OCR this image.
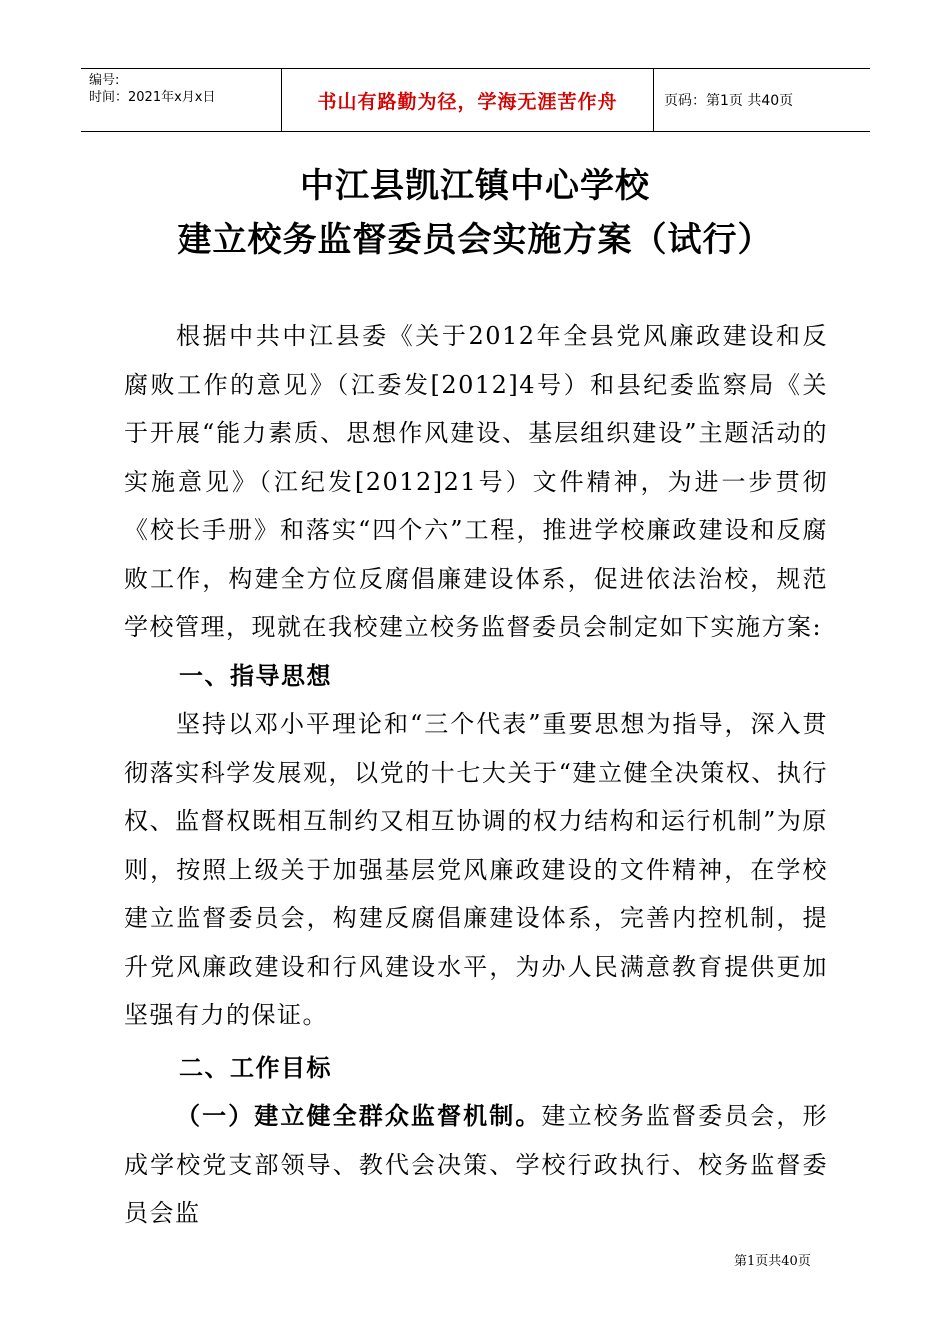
编号:
时间：2021年x月x日	书山有路勤为径，学海无涯苦作舟	页码：第1页 共40页
中江县凯江镇中心学校
建立校务监督委员会实施方案（试行）

根据中共中江县委《关于2012年全县党风廉政建设和反腐败工作的意见》（江委发[2012]4号）和县纪委监察局《关于开展“能力素质、思想作风建设、基层组织建设”主题活动的实施意见》（江纪发[2012]21号）文件精神，为进一步贯彻《校长手册》和落实“四个六”工程，推进学校廉政建设和反腐败工作，构建全方位反腐倡廉建设体系，促进依法治校，规范学校管理，现就在我校建立校务监督委员会制定如下实施方案:

一、指导思想

坚持以邓小平理论和“三个代表”重要思想为指导，深入贯彻落实科学发展观，以党的十七大关于“建立健全决策权、执行权、监督权既相互制约又相互协调的权力结构和运行机制”为原则，按照上级关于加强基层党风廉政建设的文件精神，在学校建立监督委员会，构建反腐倡廉建设体系，完善内控机制，提升党风廉政建设和行风建设水平，为办人民满意教育提供更加坚强有力的保证。

二、工作目标

（一）建立健全群众监督机制。建立校务监督委员会，形成学校党支部领导、教代会决策、学校行政执行、校务监督委员会监

第1页共40页
